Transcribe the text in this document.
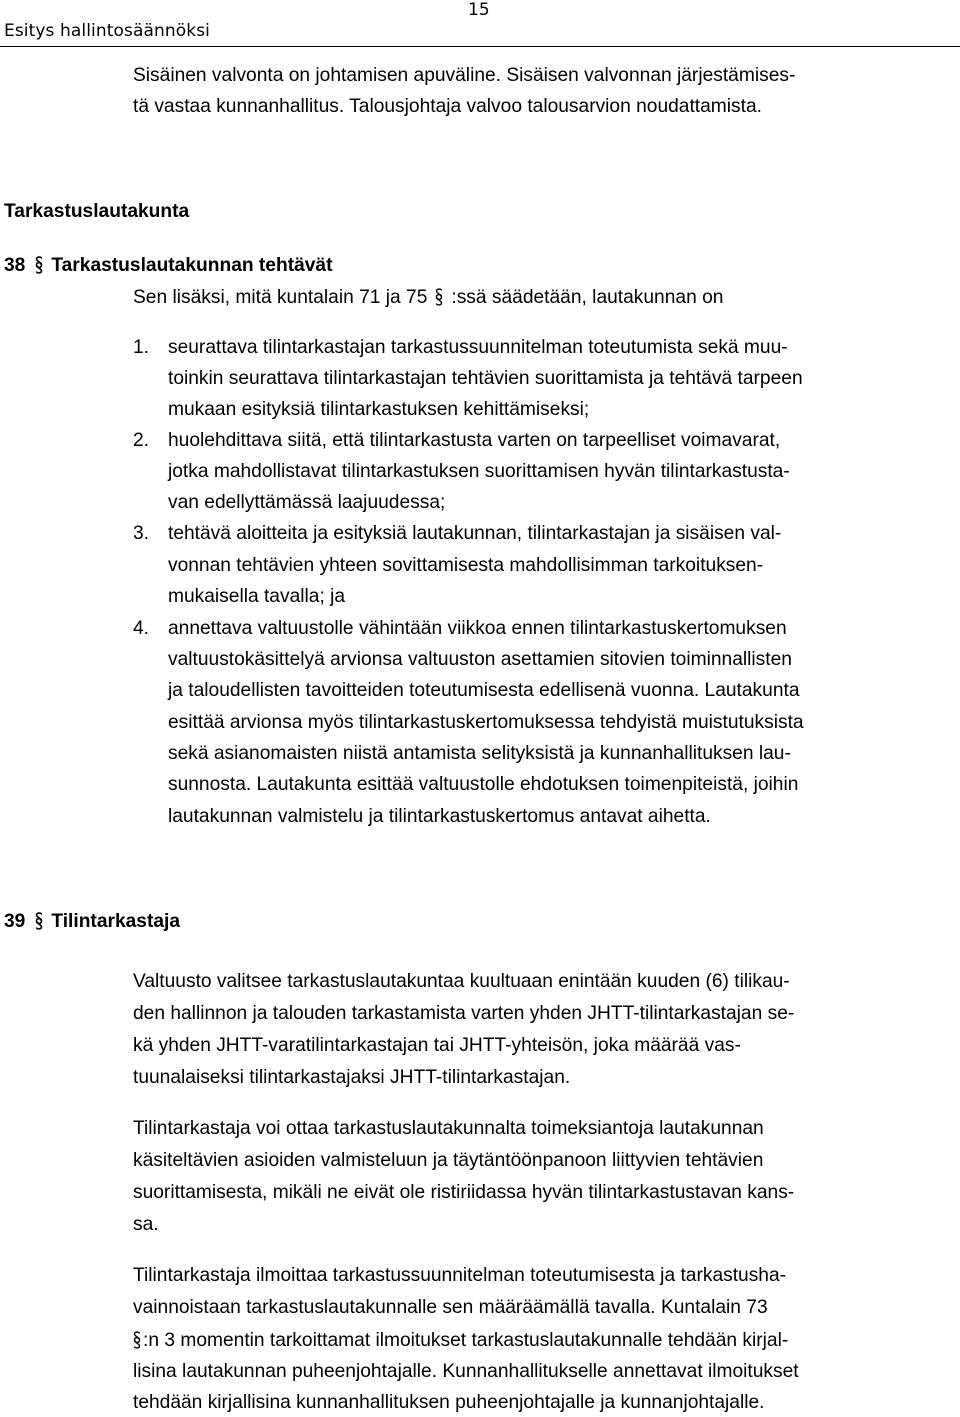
Esitys hallintosäännöksi
15
Sisäinen valvonta on johtamisen apuväline. Sisäisen valvonnan järjestämises-
tä vastaa kunnanhallitus. Talousjohtaja valvoo talousarvion noudattamista.
Tarkastuslautakunta
38 Tarkastuslautakunnan tehtävät
Sen lisäksi, mitä kuntalain 71 ja 75 :ssä säädetään, lautakunnan on
1. seurattava tilintarkastajan tarkastussuunnitelman toteutumista sekä muu-
toinkin seurattava tilintarkastajan tehtävien suorittamista ja tehtävä tarpeen
mukaan esityksiä tilintarkastuksen kehittämiseksi;
2. huolehdittava siitä, että tilintarkastusta varten on tarpeelliset voimavarat,
jotka mahdollistavat tilintarkastuksen suorittamisen hyvän tilintarkastusta-
van edellyttämässä laajuudessa;
3. tehtävä aloitteita ja esityksiä lautakunnan, tilintarkastajan ja sisäisen val-
vonnan tehtävien yhteen sovittamisesta mahdollisimman tarkoituksen-
mukaisella tavalla; ja
4. annettava valtuustolle vähintään viikkoa ennen tilintarkastuskertomuksen
valtuustokäsittelyä arvionsa valtuuston asettamien sitovien toiminnallisten
ja taloudellisten tavoitteiden toteutumisesta edellisenä vuonna. Lautakunta
esittää arvionsa myös tilintarkastuskertomuksessa tehdyistä muistutuksista
sekä asianomaisten niistä antamista selityksistä ja kunnanhallituksen lau-
sunnosta. Lautakunta esittää valtuustolle ehdotuksen toimenpiteistä, joihin
lautakunnan valmistelu ja tilintarkastuskertomus antavat aihetta.
39 Tilintarkastaja
Valtuusto valitsee tarkastuslautakuntaa kuultuaan enintään kuuden (6) tilikau-
den hallinnon ja talouden tarkastamista varten yhden JHTT-tilintarkastajan se-
kä yhden JHTT-varatilintarkastajan tai JHTT-yhteisön, joka määrää vas-
tuunalaiseksi tilintarkastajaksi JHTT-tilintarkastajan.
Tilintarkastaja voi ottaa tarkastuslautakunnalta toimeksiantoja lautakunnan
käsiteltävien asioiden valmisteluun ja täytäntöönpanoon liittyvien tehtävien
suorittamisesta, mikäli ne eivät ole ristiriidassa hyvän tilintarkastustavan kans-
sa.
Tilintarkastaja ilmoittaa tarkastussuunnitelman toteutumisesta ja tarkastusha-
vainnoistaan tarkastuslautakunnalle sen määräämällä tavalla. Kuntalain 73
:n 3 momentin tarkoittamat ilmoitukset tarkastuslautakunnalle tehdään kirjal-
lisina lautakunnan puheenjohtajalle. Kunnanhallitukselle annettavat ilmoitukset
tehdään kirjallisina kunnanhallituksen puheenjohtajalle ja kunnanjohtajalle.
